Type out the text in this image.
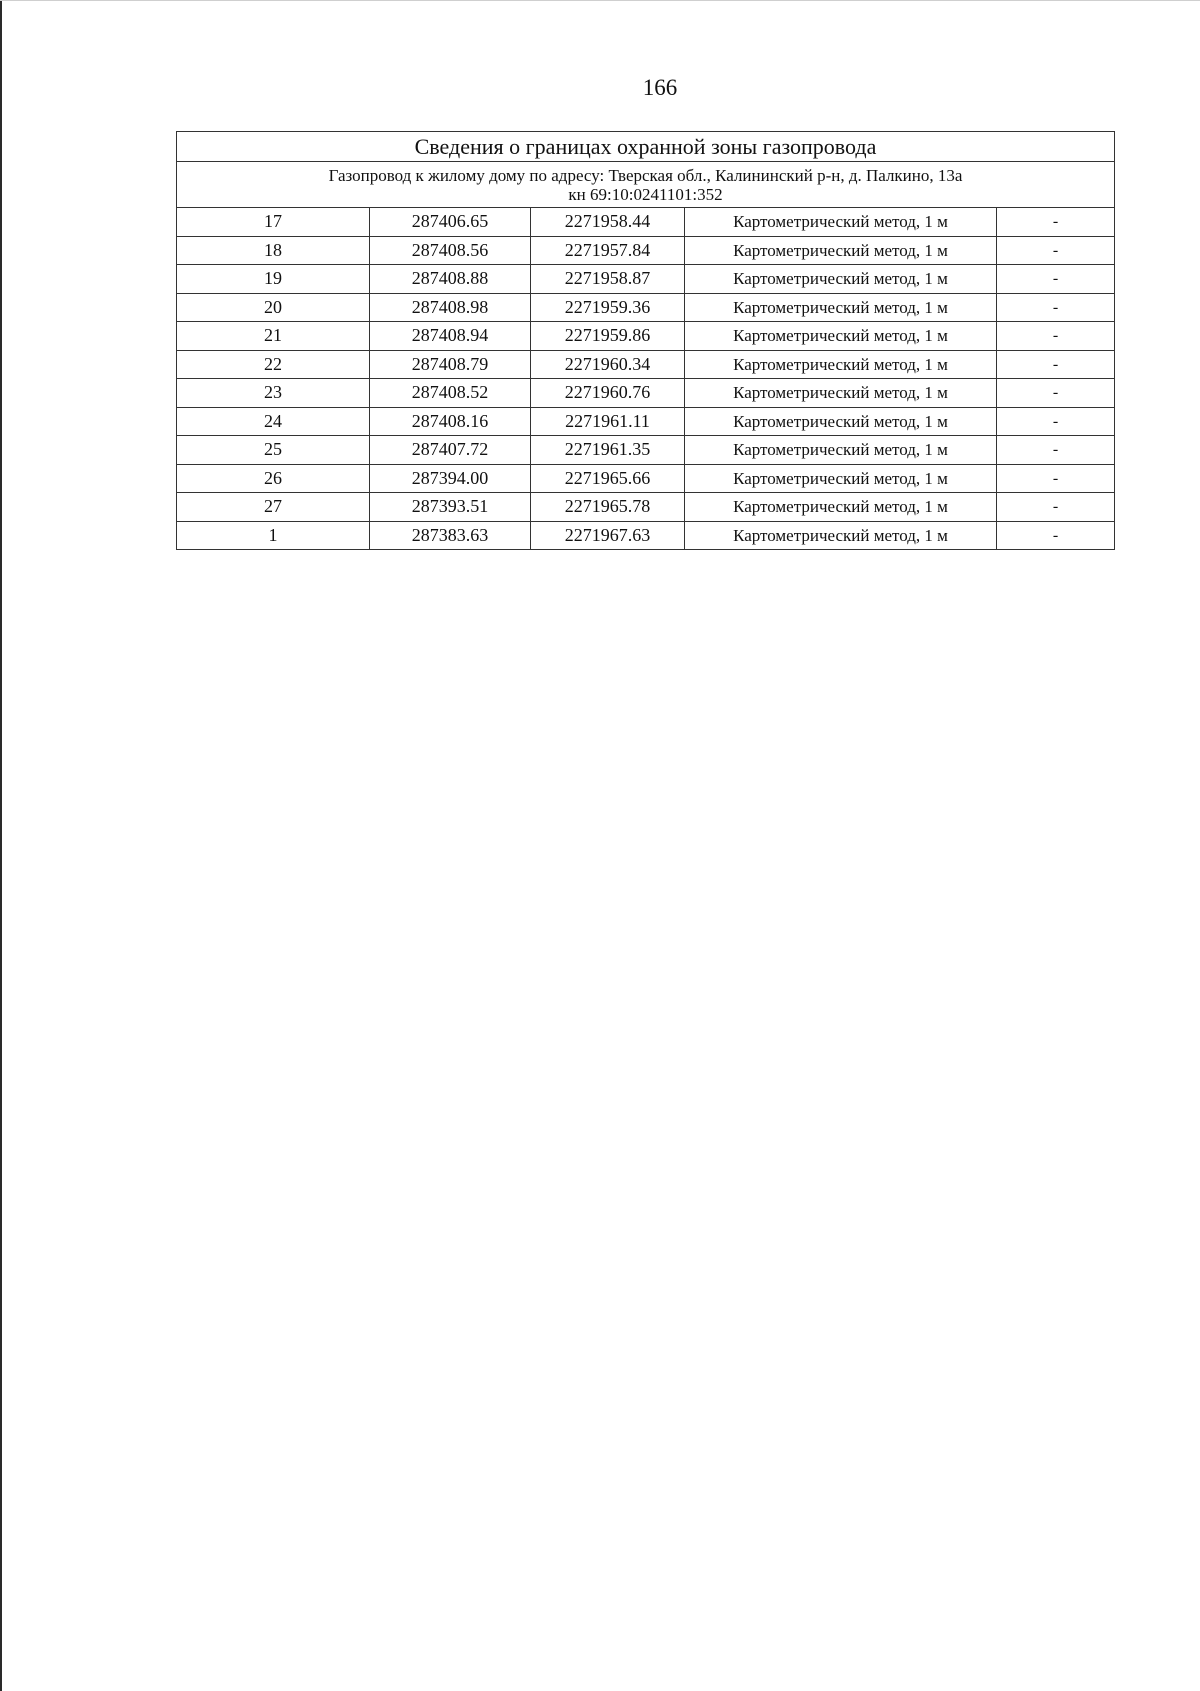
166
Сведения о границах охранной зоны газопровода				

Газопровод к жилому дому по адресу: Тверская обл., Калининский р-н, д. Палкино, 13а
кн 69:10:0241101:352				

17	287406.65	2271958.44	Картометрический метод, 1 м	-
18	287408.56	2271957.84	Картометрический метод, 1 м	-
19	287408.88	2271958.87	Картометрический метод, 1 м	-
20	287408.98	2271959.36	Картометрический метод, 1 м	-
21	287408.94	2271959.86	Картометрический метод, 1 м	-
22	287408.79	2271960.34	Картометрический метод, 1 м	-
23	287408.52	2271960.76	Картометрический метод, 1 м	-
24	287408.16	2271961.11	Картометрический метод, 1 м	-
25	287407.72	2271961.35	Картометрический метод, 1 м	-
26	287394.00	2271965.66	Картометрический метод, 1 м	-
27	287393.51	2271965.78	Картометрический метод, 1 м	-
1	287383.63	2271967.63	Картометрический метод, 1 м	-
